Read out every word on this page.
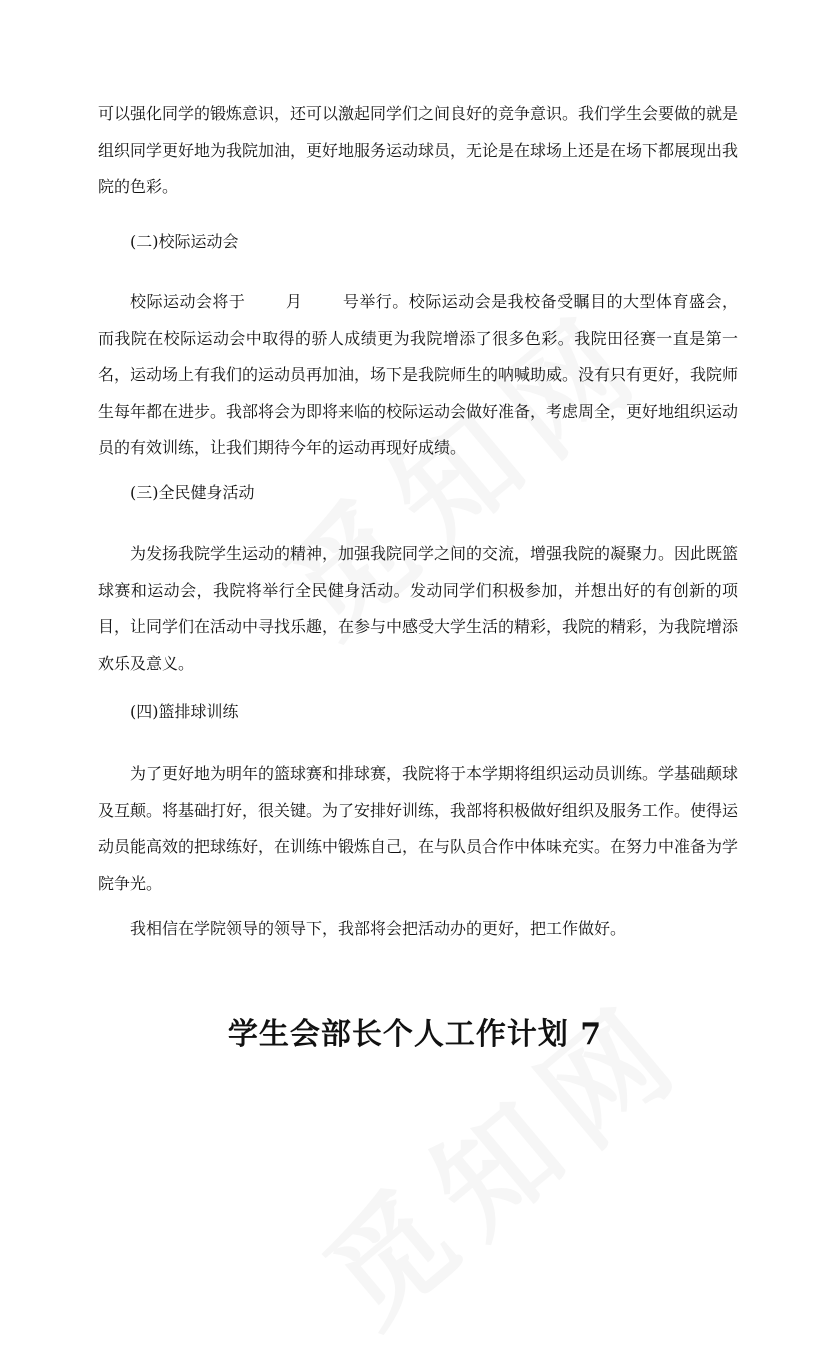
可以强化同学的锻炼意识，还可以激起同学们之间良好的竞争意识。我们学生会要做的就是组织同学更好地为我院加油，更好地服务运动球员，无论是在球场上还是在场下都展现出我院的色彩。

(二)校际运动会

校际运动会将于	月	号举行。校际运动会是我校备受瞩目的大型体育盛会，而我院在校际运动会中取得的骄人成绩更为我院增添了很多色彩。我院田径赛一直是第一名，运动场上有我们的运动员再加油，场下是我院师生的呐喊助威。没有只有更好，我院师生每年都在进步。我部将会为即将来临的校际运动会做好准备，考虑周全，更好地组织运动员的有效训练，让我们期待今年的运动再现好成绩。

(三)全民健身活动

为发扬我院学生运动的精神，加强我院同学之间的交流，增强我院的凝聚力。因此既篮球赛和运动会，我院将举行全民健身活动。发动同学们积极参加，并想出好的有创新的项目，让同学们在活动中寻找乐趣，在参与中感受大学生活的精彩，我院的精彩，为我院增添欢乐及意义。

(四)篮排球训练

为了更好地为明年的篮球赛和排球赛，我院将于本学期将组织运动员训练。学基础颠球及互颠。将基础打好，很关键。为了安排好训练，我部将积极做好组织及服务工作。使得运动员能高效的把球练好，在训练中锻炼自己，在与队员合作中体味充实。在努力中准备为学院争光。

我相信在学院领导的领导下，我部将会把活动办的更好，把工作做好。

学生会部长个人工作计划 7
